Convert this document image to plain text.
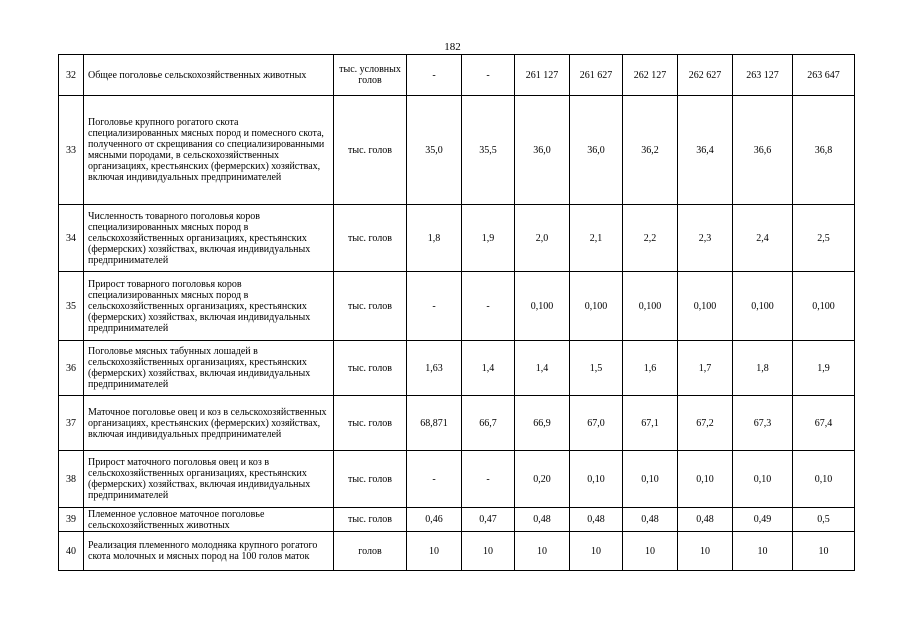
182
32	Общее поголовье сельскохозяйственных животных	тыс. условных голов	-	-	261 127	261 627	262 127	262 627	263 127	263 647
33	Поголовье крупного рогатого скота специализированных мясных пород и помесного скота, полученного от скрещивания со специализированными мясными породами, в сельскохозяйственных организациях, крестьянских (фермерских) хозяйствах, включая индивидуальных предпринимателей	тыс. голов	35,0	35,5	36,0	36,0	36,2	36,4	36,6	36,8
34	Численность товарного поголовья коров специализированных мясных пород в сельскохозяйственных организациях, крестьянских (фермерских) хозяйствах, включая индивидуальных предпринимателей	тыс. голов	1,8	1,9	2,0	2,1	2,2	2,3	2,4	2,5
35	Прирост товарного поголовья коров специализированных мясных пород в сельскохозяйственных организациях, крестьянских (фермерских) хозяйствах, включая индивидуальных предпринимателей	тыс. голов	-	-	0,100	0,100	0,100	0,100	0,100	0,100
36	Поголовье мясных табунных лошадей в сельскохозяйственных организациях, крестьянских (фермерских) хозяйствах, включая индивидуальных предпринимателей	тыс. голов	1,63	1,4	1,4	1,5	1,6	1,7	1,8	1,9
37	Маточное поголовье овец и коз в сельскохозяйственных организациях, крестьянских (фермерских) хозяйствах, включая индивидуальных предпринимателей	тыс. голов	68,871	66,7	66,9	67,0	67,1	67,2	67,3	67,4
38	Прирост маточного поголовья овец и коз в сельскохозяйственных организациях, крестьянских (фермерских) хозяйствах, включая индивидуальных предпринимателей	тыс. голов	-	-	0,20	0,10	0,10	0,10	0,10	0,10
39	Племенное условное маточное поголовье сельскохозяйственных животных	тыс. голов	0,46	0,47	0,48	0,48	0,48	0,48	0,49	0,5
40	Реализация племенного молодняка крупного рогатого скота молочных и мясных пород на 100 голов маток	голов	10	10	10	10	10	10	10	10
